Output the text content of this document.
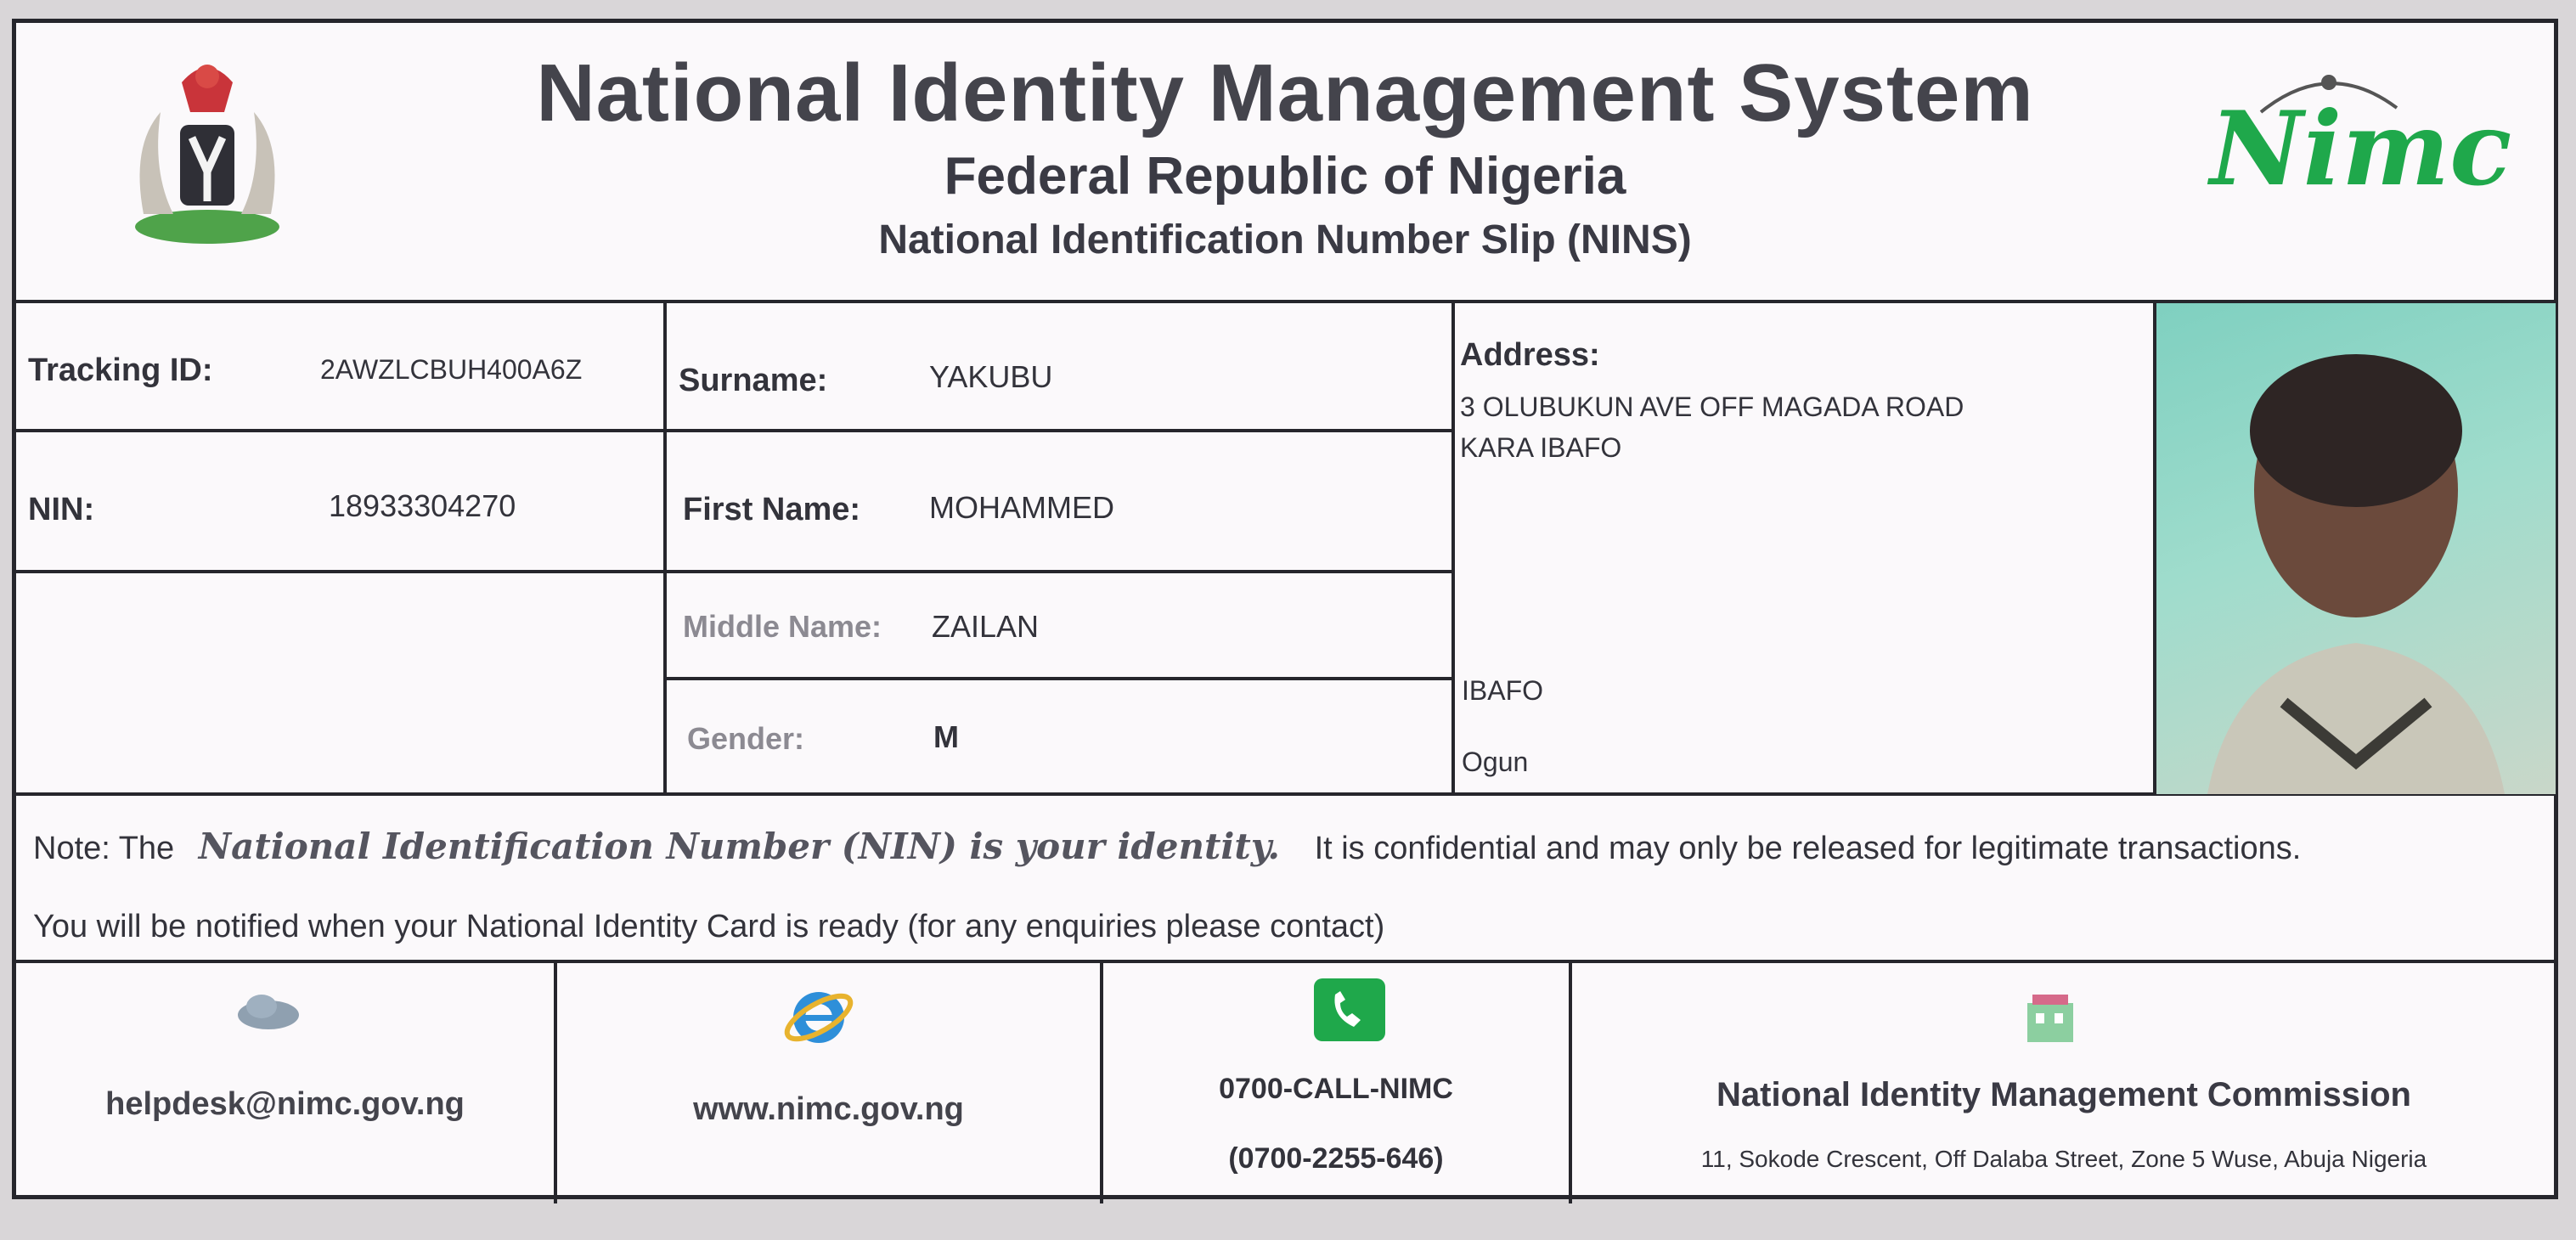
National Identity Management System
Federal Republic of Nigeria
National Identification Number Slip (NINS)
Nimc
Tracking ID:	2AWZLCBUH400A6Z
NIN:	18933304270
Surname:	YAKUBU
First Name: MOHAMMED
Middle Name: ZAILAN
Gender:	M
Address:
3 OLUBUKUN AVE OFF MAGADA ROAD
KARA IBAFO
IBAFO
Ogun
Note: The National Identification Number (NIN) is your identity. It is confidential and may only be released for legitimate transactions.
You will be notified when your National Identity Card is ready (for any enquiries please contact)
helpdesk@nimc.gov.ng	www.nimc.gov.ng
0700-CALL-NIMC
(0700-2255-646)
National Identity Management Commission
11, Sokode Crescent, Off Dalaba Street, Zone 5 Wuse, Abuja Nigeria
